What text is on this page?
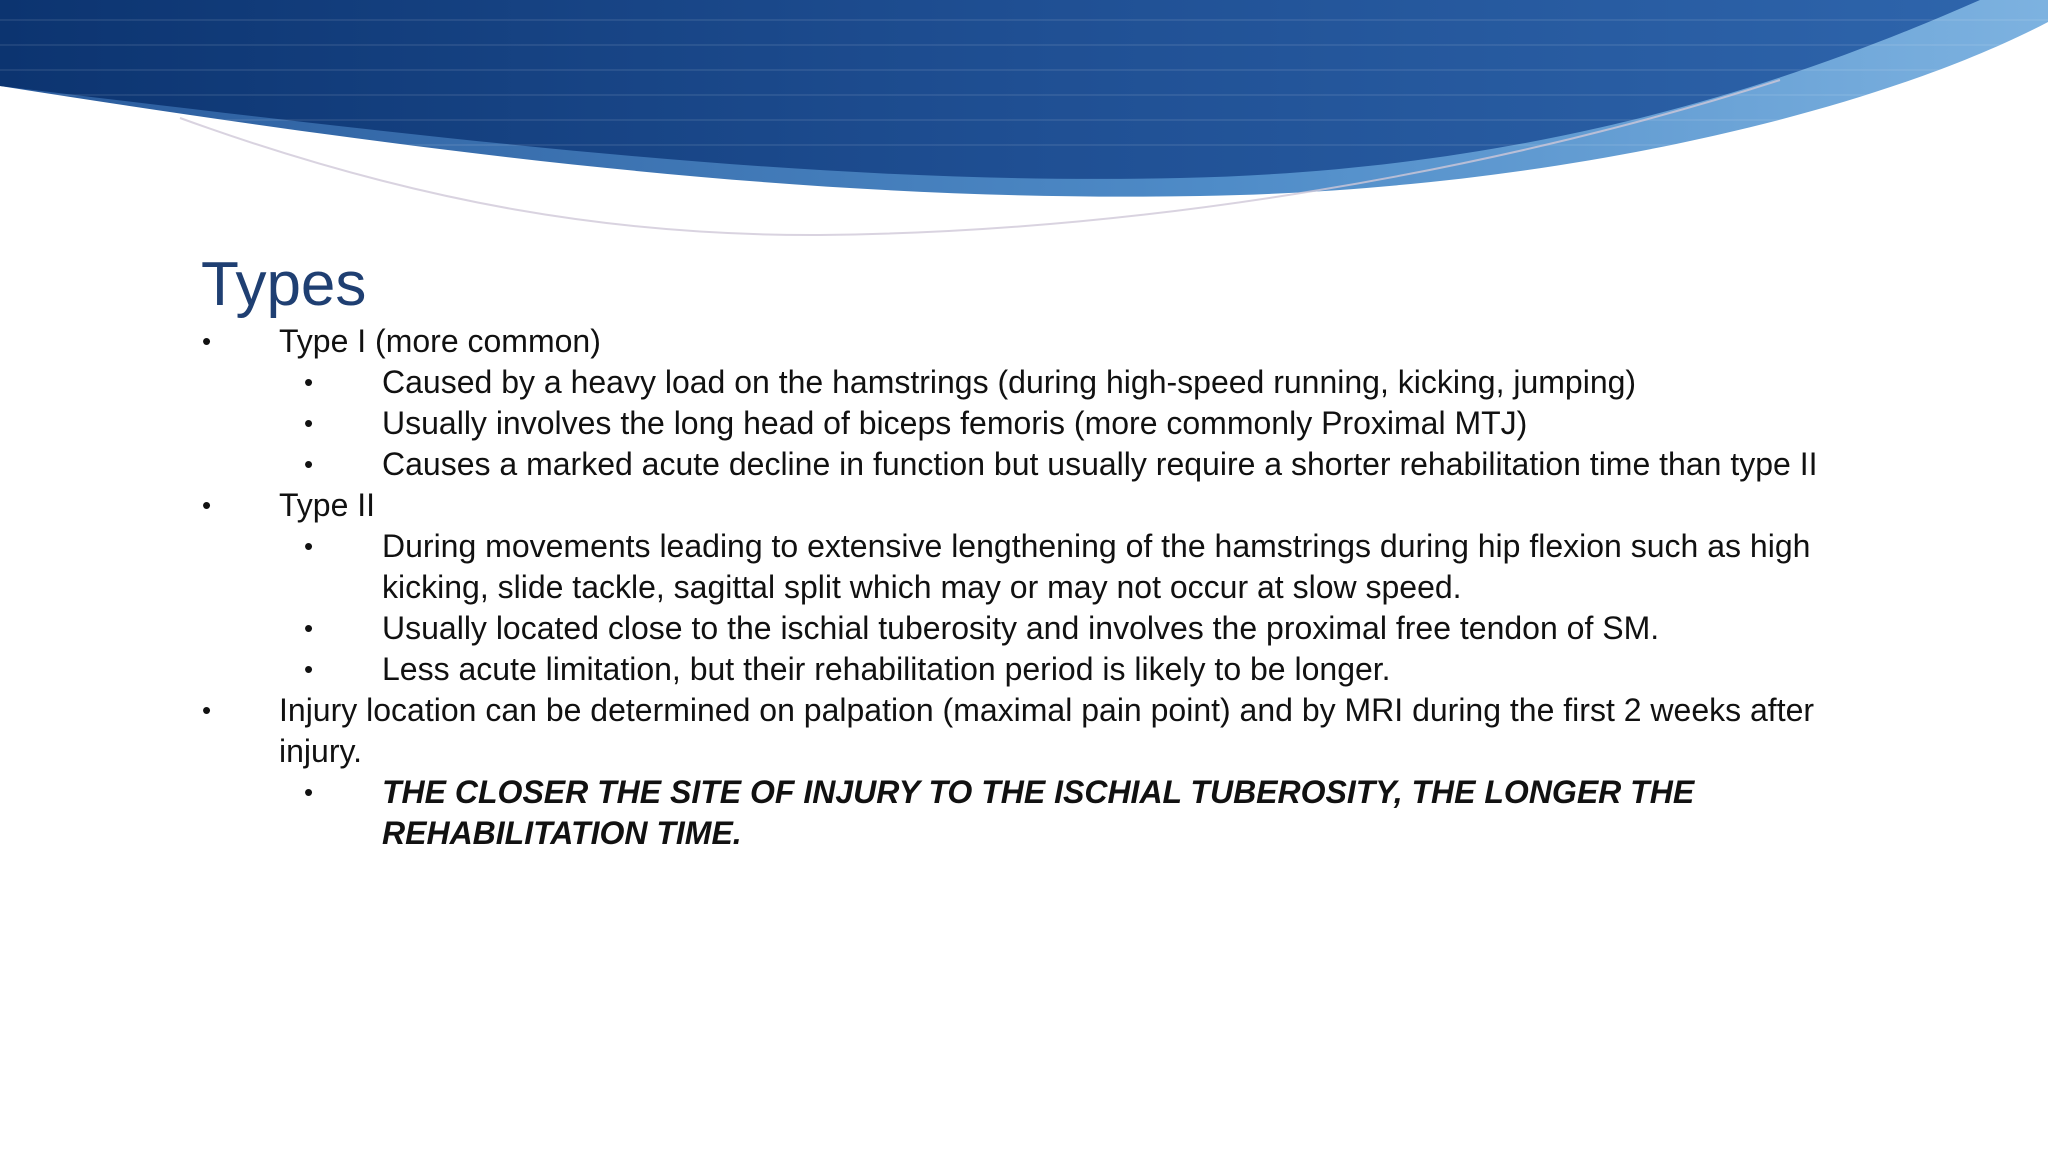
Types
• Type I (more common)
• Caused by a heavy load on the hamstrings (during high-speed running, kicking, jumping)
• Usually involves the long head of biceps femoris (more commonly Proximal MTJ)
• Causes a marked acute decline in function but usually require a shorter rehabilitation time than type II
• Type II
• During movements leading to extensive lengthening of the hamstrings during hip flexion such as high kicking, slide tackle, sagittal split which may or may not occur at slow speed.
• Usually located close to the ischial tuberosity and involves the proximal free tendon of SM.
• Less acute limitation, but their rehabilitation period is likely to be longer.
• Injury location can be determined on palpation (maximal pain point) and by MRI during the first 2 weeks after injury.
• THE CLOSER THE SITE OF INJURY TO THE ISCHIAL TUBEROSITY, THE LONGER THE REHABILITATION TIME.
